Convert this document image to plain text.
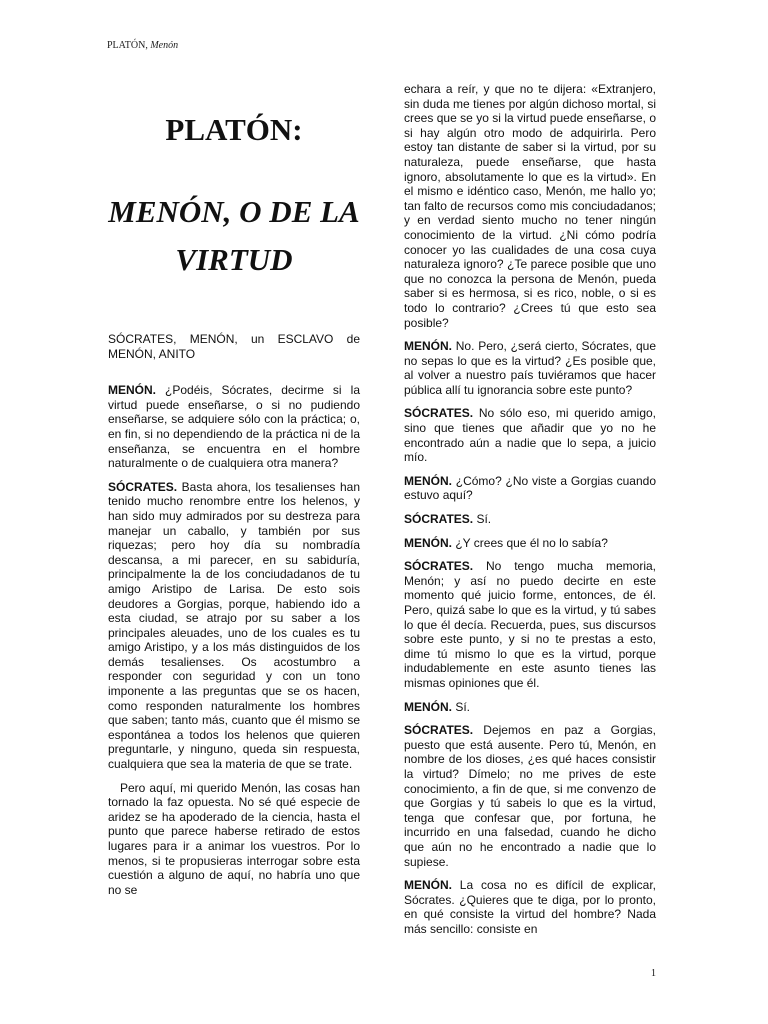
PLATÓN, Menón
PLATÓN:
MENÓN, O DE LA
VIRTUD

SÓCRATES, MENÓN, un ESCLAVO de MENÓN, ANITO

MENÓN. ¿Podéis, Sócrates, decirme si la virtud puede enseñarse, o si no pudiendo enseñarse, se adquiere sólo con la práctica; o, en fin, si no dependiendo de la práctica ni de la enseñanza, se encuentra en el hombre naturalmente o de cualquiera otra manera?

SÓCRATES. Basta ahora, los tesalienses han tenido mucho renombre entre los helenos, y han sido muy admirados por su destreza para manejar un caballo, y también por sus riquezas; pero hoy día su nombradía descansa, a mi parecer, en su sabiduría, principalmente la de los conciudadanos de tu amigo Aristipo de Larisa. De esto sois deudores a Gorgias, porque, habiendo ido a esta ciudad, se atrajo por su saber a los principales aleuades, uno de los cuales es tu amigo Aristipo, y a los más distinguidos de los demás tesalienses. Os acostumbro a responder con seguridad y con un tono imponente a las preguntas que se os hacen, como responden naturalmente los hombres que saben; tanto más, cuanto que él mismo se espontánea a todos los helenos que quieren preguntarle, y ninguno, queda sin respuesta, cualquiera que sea la materia de que se trate.

Pero aquí, mi querido Menón, las cosas han tornado la faz opuesta. No sé qué especie de aridez se ha apoderado de la ciencia, hasta el punto que parece haberse retirado de estos lugares para ir a animar los vuestros. Por lo menos, si te propusieras interrogar sobre esta cuestión a alguno de aquí, no habría uno que no se

echara a reír, y que no te dijera: «Extranjero, sin duda me tienes por algún dichoso mortal, si crees que se yo si la virtud puede enseñarse, o si hay algún otro modo de adquirirla. Pero estoy tan distante de saber si la virtud, por su naturaleza, puede enseñarse, que hasta ignoro, absolutamente lo que es la virtud». En el mismo e idéntico caso, Menón, me hallo yo; tan falto de recursos como mis conciudadanos; y en verdad siento mucho no tener ningún conocimiento de la virtud. ¿Ni cómo podría conocer yo las cualidades de una cosa cuya naturaleza ignoro? ¿Te parece posible que uno que no conozca la persona de Menón, pueda saber si es hermosa, si es rico, noble, o si es todo lo contrario? ¿Crees tú que esto sea posible?

MENÓN. No. Pero, ¿será cierto, Sócrates, que no sepas lo que es la virtud? ¿Es posible que, al volver a nuestro país tuviéramos que hacer pública allí tu ignorancia sobre este punto?

SÓCRATES. No sólo eso, mi querido amigo, sino que tienes que añadir que yo no he encontrado aún a nadie que lo sepa, a juicio mío.

MENÓN. ¿Cómo? ¿No viste a Gorgias cuando estuvo aquí?

SÓCRATES. Sí.

MENÓN. ¿Y crees que él no lo sabía?

SÓCRATES. No tengo mucha memoria, Menón; y así no puedo decirte en este momento qué juicio forme, entonces, de él. Pero, quizá sabe lo que es la virtud, y tú sabes lo que él decía. Recuerda, pues, sus discursos sobre este punto, y si no te prestas a esto, dime tú mismo lo que es la virtud, porque indudablemente en este asunto tienes las mismas opiniones que él.

MENÓN. Sí.

SÓCRATES. Dejemos en paz a Gorgias, puesto que está ausente. Pero tú, Menón, en nombre de los dioses, ¿es qué haces consistir la virtud? Dímelo; no me prives de este conocimiento, a fin de que, si me convenzo de que Gorgias y tú sabeis lo que es la virtud, tenga que confesar que, por fortuna, he incurrido en una falsedad, cuando he dicho que aún no he encontrado a nadie que lo supiese.

MENÓN. La cosa no es difícil de explicar, Sócrates. ¿Quieres que te diga, por lo pronto, en qué consiste la virtud del hombre? Nada más sencillo: consiste en

1
